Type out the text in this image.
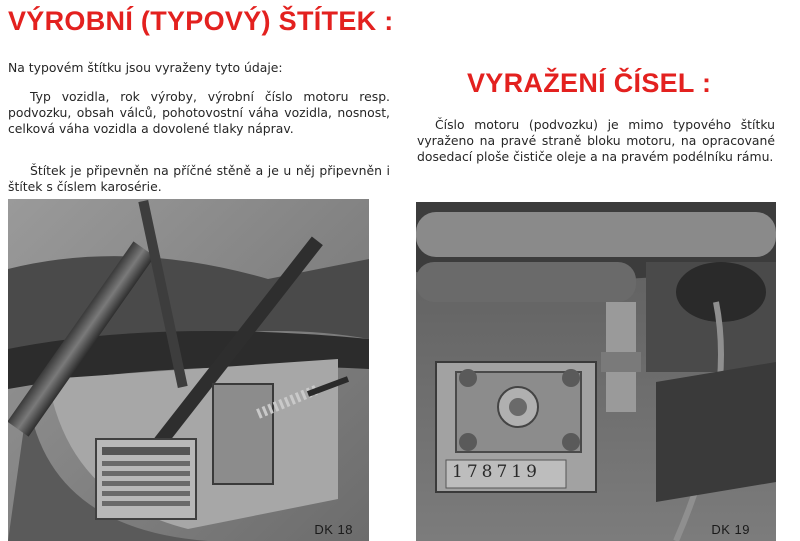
VÝROBNÍ (TYPOVÝ) ŠTÍTEK :
VYRAŽENÍ ČÍSEL :

Na typovém štítku jsou vyraženy tyto údaje:

Typ vozidla, rok výroby, výrobní číslo motoru resp. podvozku, obsah válců, pohotovostní váha vozidla, nosnost, celková váha vozidla a dovolené tlaky náprav.

Štítek je připevněn na příčné stěně a je u něj připevněn i štítek s číslem karosérie.

Číslo motoru (podvozku) je mimo typového štítku vyraženo na pravé straně bloku motoru, na opracované dosedací ploše čističe oleje a na pravém podélníku rámu.

DK 18
178719
DK 19
